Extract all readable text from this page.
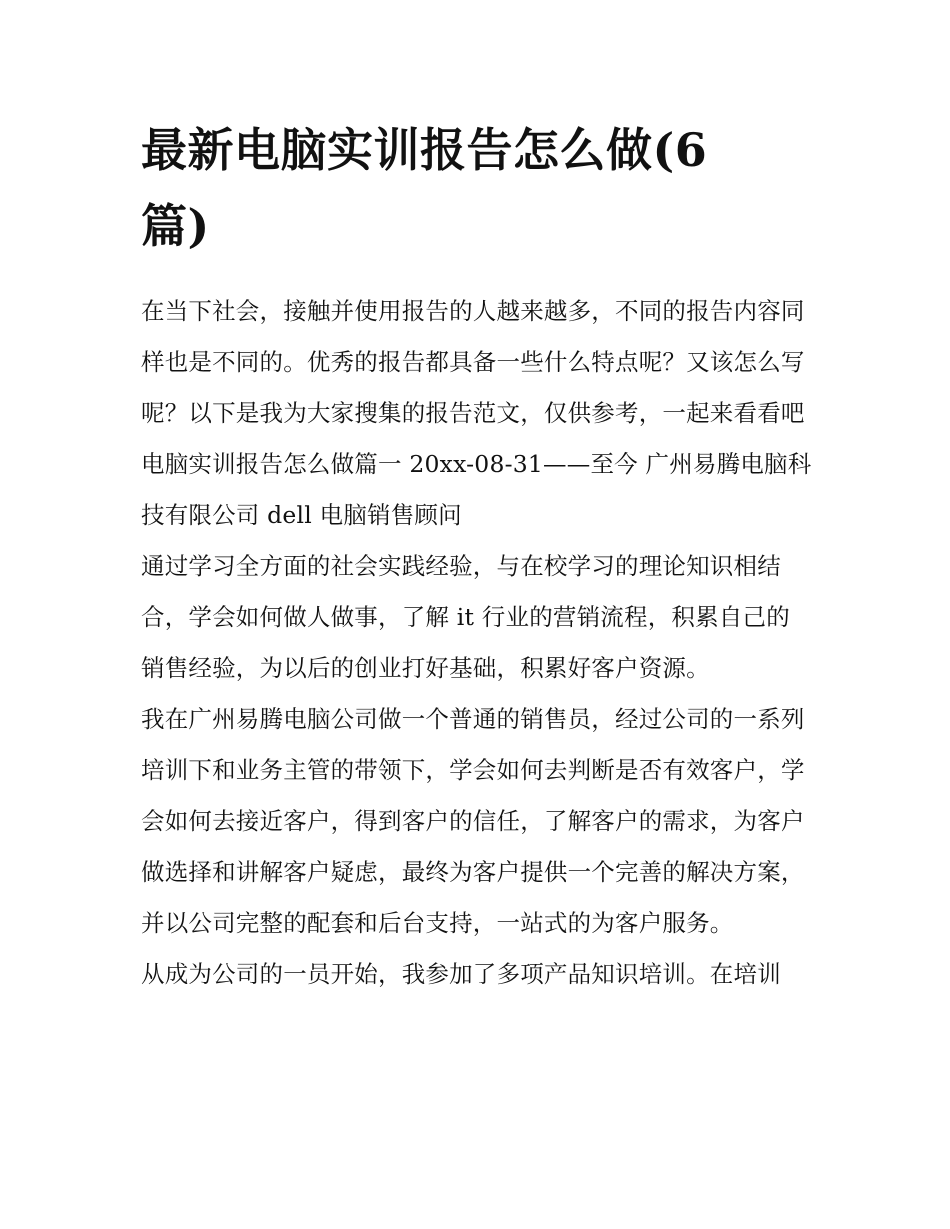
最新电脑实训报告怎么做(6篇)

在当下社会，接触并使用报告的人越来越多，不同的报告内容同样也是不同的。优秀的报告都具备一些什么特点呢？又该怎么写呢？以下是我为大家搜集的报告范文，仅供参考，一起来看看吧

电脑实训报告怎么做篇一 20xx-08-31——至今 广州易腾电脑科技有限公司 dell 电脑销售顾问

通过学习全方面的社会实践经验，与在校学习的理论知识相结合，学会如何做人做事，了解 it 行业的营销流程，积累自己的销售经验，为以后的创业打好基础，积累好客户资源。

我在广州易腾电脑公司做一个普通的销售员，经过公司的一系列培训下和业务主管的带领下，学会如何去判断是否有效客户，学会如何去接近客户，得到客户的信任，了解客户的需求，为客户做选择和讲解客户疑虑，最终为客户提供一个完善的解决方案，并以公司完整的配套和后台支持，一站式的为客户服务。

从成为公司的一员开始，我参加了多项产品知识培训。在培训
